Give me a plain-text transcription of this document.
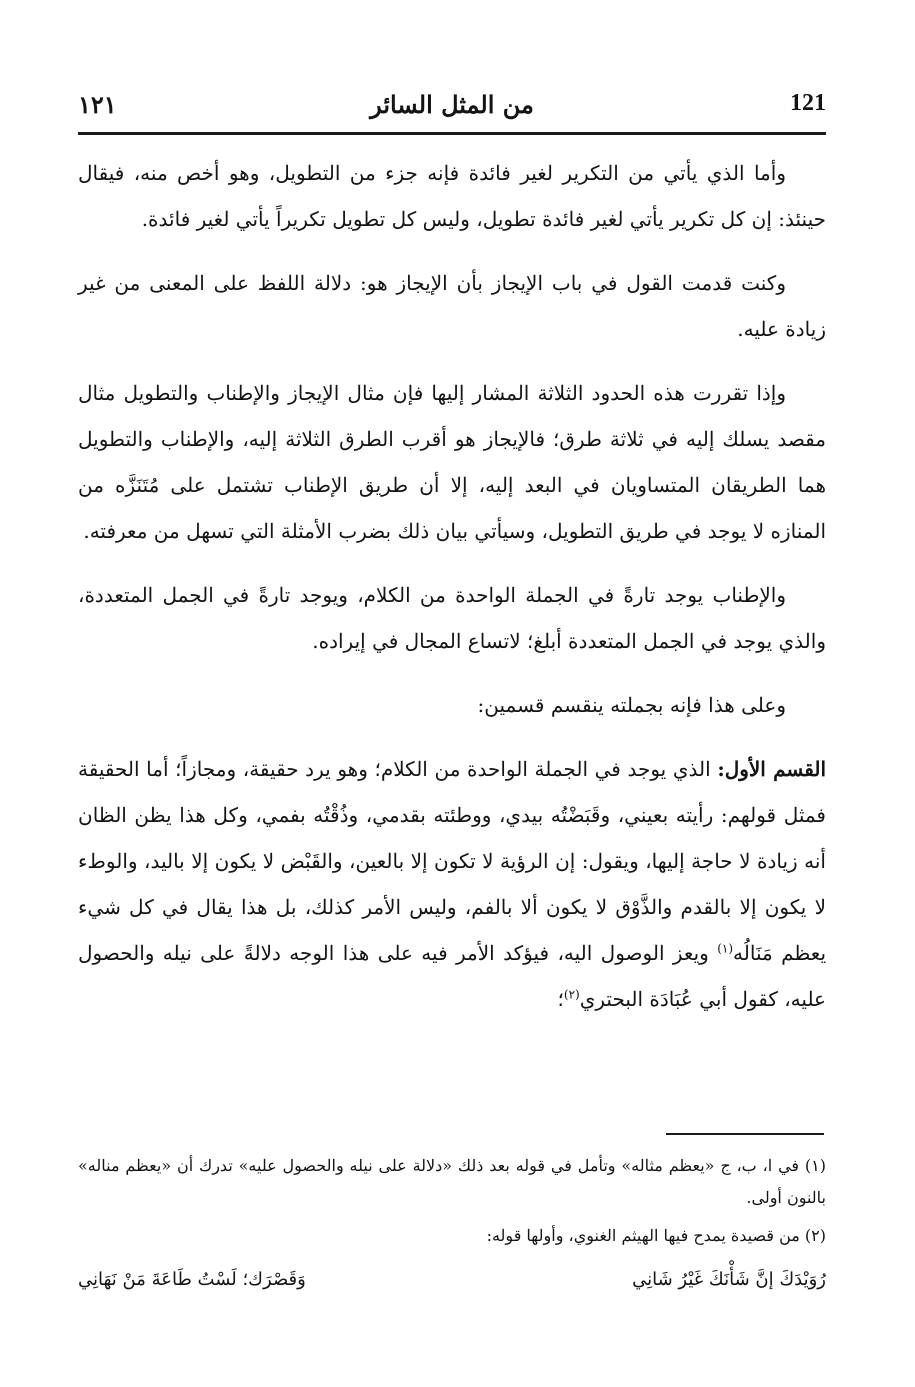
121
من المثل السائر
١٢١

وأما الذي يأتي من التكرير لغير فائدة فإنه جزء من التطويل، وهو أخص منه، فيقال حينئذ: إن كل تكرير يأتي لغير فائدة تطويل، وليس كل تطويل تكريراً يأتي لغير فائدة.

وكنت قدمت القول في باب الإيجاز بأن الإيجاز هو: دلالة اللفظ على المعنى من غير زيادة عليه.

وإذا تقررت هذه الحدود الثلاثة المشار إليها فإن مثال الإيجاز والإطناب والتطويل مثال مقصد يسلك إليه في ثلاثة طرق؛ فالإيجاز هو أقرب الطرق الثلاثة إليه، والإطناب والتطويل هما الطريقان المتساويان في البعد إليه، إلا أن طريق الإطناب تشتمل على مُتَنَزَّه من المنازه لا يوجد في طريق التطويل، وسيأتي بيان ذلك بضرب الأمثلة التي تسهل من معرفته.

والإطناب يوجد تارةً في الجملة الواحدة من الكلام، ويوجد تارةً في الجمل المتعددة، والذي يوجد في الجمل المتعددة أبلغ؛ لاتساع المجال في إيراده.

وعلى هذا فإنه بجملته ينقسم قسمين:

القسم الأول: الذي يوجد في الجملة الواحدة من الكلام؛ وهو يرد حقيقة، ومجازاً؛ أما الحقيقة فمثل قولهم: رأيته بعيني، وقَبَضْتُه بيدي، ووطئته بقدمي، وذُقْتُه بفمي، وكل هذا يظن الظان أنه زيادة لا حاجة إليها، ويقول: إن الرؤية لا تكون إلا بالعين، والقَبْض لا يكون إلا باليد، والوطء لا يكون إلا بالقدم والذَّوْق لا يكون ألا بالفم، وليس الأمر كذلك، بل هذا يقال في كل شيء يعظم مَنَالُه$^{(١)}$ ويعز الوصول اليه، فيؤكد الأمر فيه على هذا الوجه دلالةً على نيله والحصول عليه، كقول أبي عُبَادَة البحتري$^{(٢)}$؛

(١) في ا، ب، ج «يعظم مثاله» وتأمل في قوله بعد ذلك «دلالة على نيله والحصول عليه» تدرك أن «يعظم مناله» بالنون أولى.

(٢) من قصيدة يمدح فيها الهيثم الغنوي، وأولها قوله:

رُوَيْدَكَ إنَّ شَأْنَكَ غَيْرُ شَانِي
وَقَصْرَك؛ لَسْتُ طَاعَةَ مَنْ نَهَانِي
